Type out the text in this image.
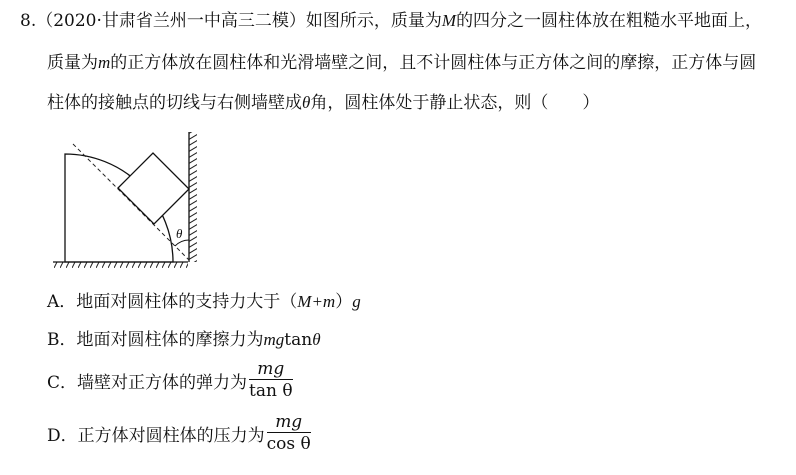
8.（2020·甘肃省兰州一中高三二模）如图所示，质量为M的四分之一圆柱体放在粗糙水平地面上，
质量为m的正方体放在圆柱体和光滑墙壁之间，且不计圆柱体与正方体之间的摩擦，正方体与圆
柱体的接触点的切线与右侧墙壁成θ角，圆柱体处于静止状态，则（　　）
θ
A．地面对圆柱体的支持力大于（M+m）g
B．地面对圆柱体的摩擦力为mgtanθ
C．墙壁对正方体的弹力为 $\frac{mg}{\text{tan θ}}$
D．正方体对圆柱体的压力为 $\frac{mg}{\text{cos θ}}$
